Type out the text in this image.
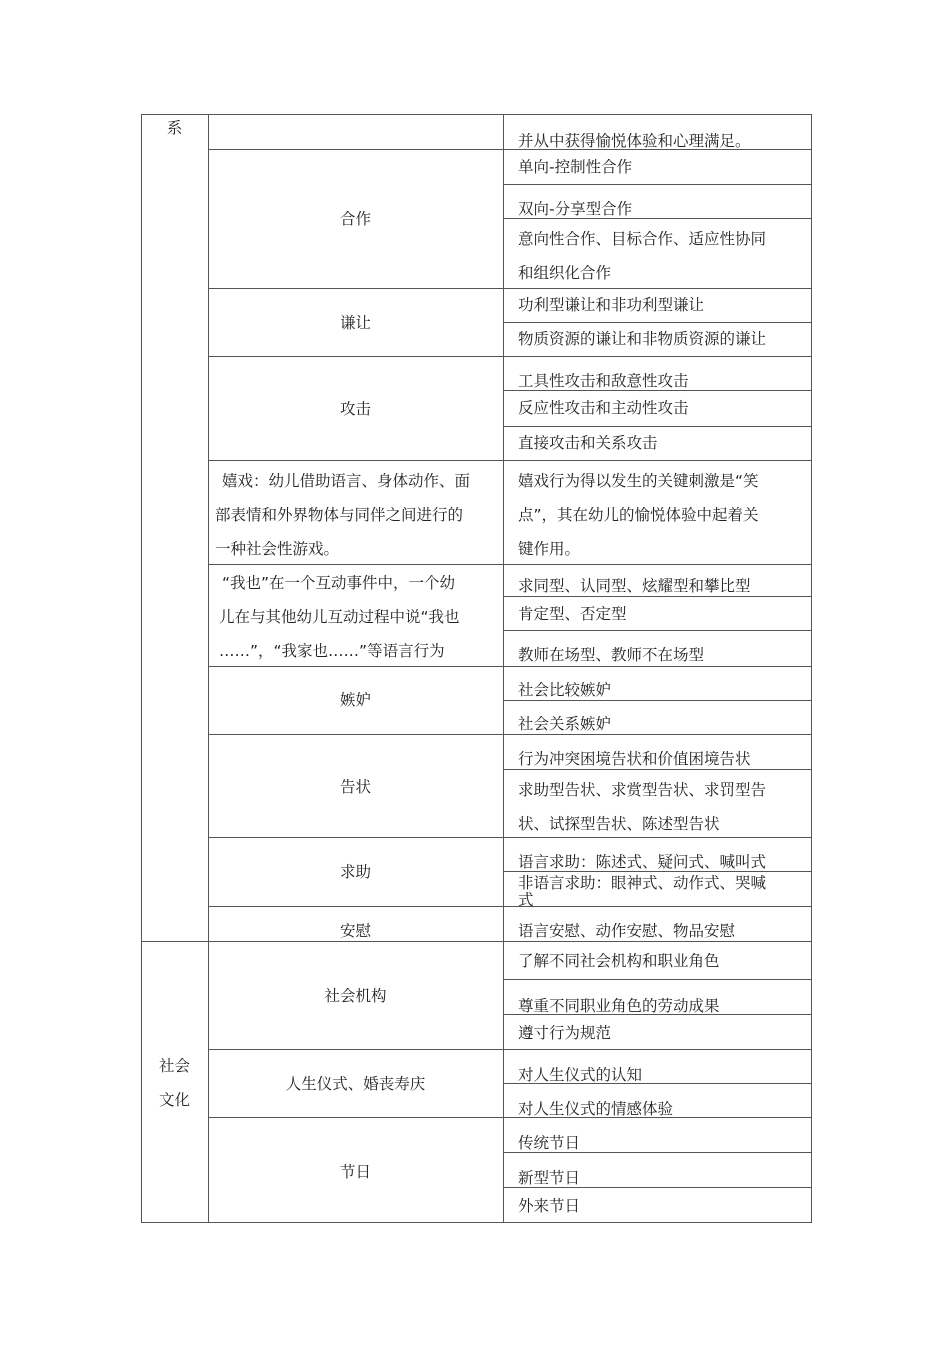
系
社会
文化
并从中获得愉悦体验和心理满足。
合作
单向-控制性合作
双向-分享型合作
意向性合作、目标合作、适应性协同
和组织化合作
谦让
功利型谦让和非功利型谦让
物质资源的谦让和非物质资源的谦让
攻击
工具性攻击和敌意性攻击
反应性攻击和主动性攻击
直接攻击和关系攻击
嬉戏：幼儿借助语言、身体动作、面
部表情和外界物体与同伴之间进行的
一种社会性游戏。
嬉戏行为得以发生的关键刺激是“笑
点”，其在幼儿的愉悦体验中起着关
键作用。
“我也”在一个互动事件中，一个幼
儿在与其他幼儿互动过程中说“我也
……”，“我家也……”等语言行为
求同型、认同型、炫耀型和攀比型
肯定型、否定型
教师在场型、教师不在场型
嫉妒
社会比较嫉妒
社会关系嫉妒
告状
行为冲突困境告状和价值困境告状
求助型告状、求赏型告状、求罚型告
状、试探型告状、陈述型告状
求助
语言求助：陈述式、疑问式、喊叫式
非语言求助：眼神式、动作式、哭喊
式
安慰	语言安慰、动作安慰、物品安慰
社会机构
了解不同社会机构和职业角色
尊重不同职业角色的劳动成果
遵寸行为规范
人生仪式、婚丧寿庆	对人生仪式的认知
对人生仪式的情感体验
节日
传统节日
新型节日
外来节日
